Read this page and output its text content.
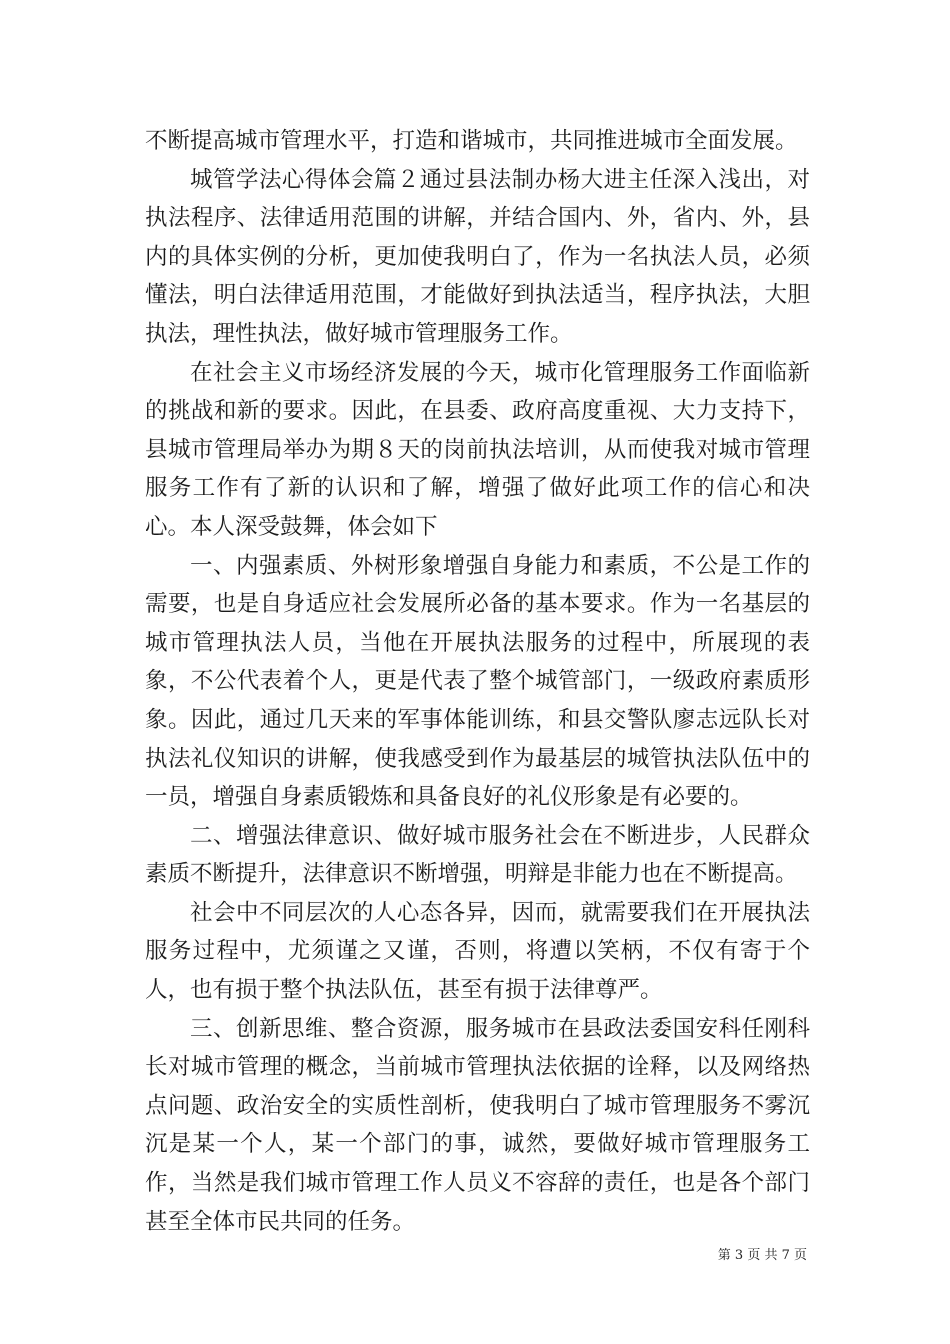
不断提高城市管理水平，打造和谐城市，共同推进城市全面发展。

城管学法心得体会篇２通过县法制办杨大进主任深入浅出，对执法程序、法律适用范围的讲解，并结合国内、外，省内、外，县内的具体实例的分析，更加使我明白了，作为一名执法人员，必须懂法，明白法律适用范围，才能做好到执法适当，程序执法，大胆执法，理性执法，做好城市管理服务工作。

在社会主义市场经济发展的今天，城市化管理服务工作面临新的挑战和新的要求。因此，在县委、政府高度重视、大力支持下，县城市管理局举办为期８天的岗前执法培训，从而使我对城市管理服务工作有了新的认识和了解，增强了做好此项工作的信心和决心。本人深受鼓舞，体会如下

一、内强素质、外树形象增强自身能力和素质，不公是工作的需要，也是自身适应社会发展所必备的基本要求。作为一名基层的城市管理执法人员，当他在开展执法服务的过程中，所展现的表象，不公代表着个人，更是代表了整个城管部门，一级政府素质形象。因此，通过几天来的军事体能训练，和县交警队廖志远队长对执法礼仪知识的讲解，使我感受到作为最基层的城管执法队伍中的一员，增强自身素质锻炼和具备良好的礼仪形象是有必要的。

二、增强法律意识、做好城市服务社会在不断进步，人民群众素质不断提升，法律意识不断增强，明辩是非能力也在不断提高。

社会中不同层次的人心态各异，因而，就需要我们在开展执法服务过程中，尤须谨之又谨，否则，将遭以笑柄，不仅有寄于个人，也有损于整个执法队伍，甚至有损于法律尊严。

三、创新思维、整合资源，服务城市在县政法委国安科任刚科长对城市管理的概念，当前城市管理执法依据的诠释，以及网络热点问题、政治安全的实质性剖析，使我明白了城市管理服务不雾沉沉是某一个人，某一个部门的事，诚然，要做好城市管理服务工作，当然是我们城市管理工作人员义不容辞的责任，也是各个部门甚至全体市民共同的任务。

第 3 页 共 7 页
